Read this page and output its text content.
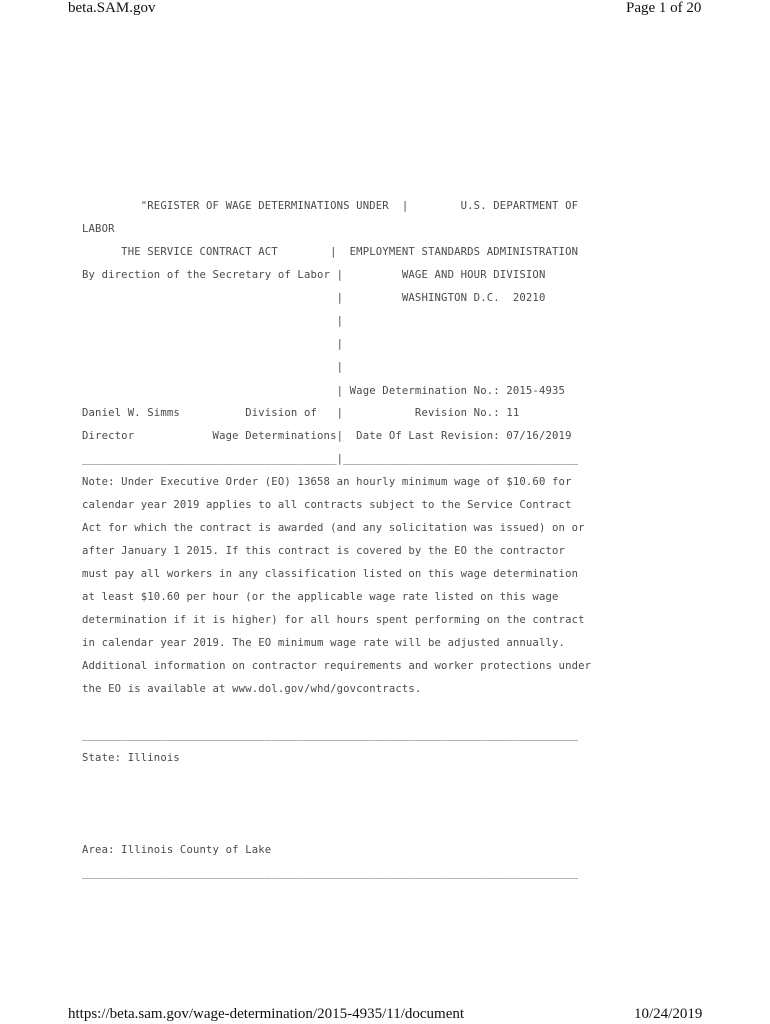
beta.SAM.gov	Page 1 of 20
"REGISTER OF WAGE DETERMINATIONS UNDER  |        U.S. DEPARTMENT OF
LABOR
THE SERVICE CONTRACT ACT        |  EMPLOYMENT STANDARDS ADMINISTRATION
By direction of the Secretary of Labor |         WAGE AND HOUR DIVISION
|         WASHINGTON D.C.  20210
|
|
|
| Wage Determination No.: 2015-4935
Daniel W. Simms          Division of   |           Revision No.: 11
Director            Wage Determinations|  Date Of Last Revision: 07/16/2019
_______________________________________|____________________________________
Note: Under Executive Order (EO) 13658 an hourly minimum wage of $10.60 for
calendar year 2019 applies to all contracts subject to the Service Contract
Act for which the contract is awarded (and any solicitation was issued) on or
after January 1 2015. If this contract is covered by the EO the contractor
must pay all workers in any classification listed on this wage determination
at least $10.60 per hour (or the applicable wage rate listed on this wage
determination if it is higher) for all hours spent performing on the contract
in calendar year 2019. The EO minimum wage rate will be adjusted annually.
Additional information on contractor requirements and worker protections under
the EO is available at www.dol.gov/whd/govcontracts.
____________________________________________________________________________
State: Illinois
Area: Illinois County of Lake
____________________________________________________________________________
https://beta.sam.gov/wage-determination/2015-4935/11/document	10/24/2019
